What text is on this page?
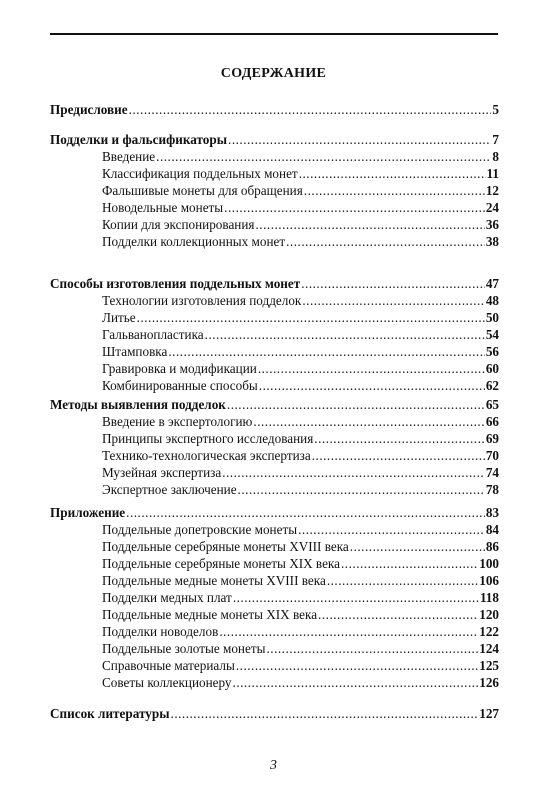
СОДЕРЖАНИЕ
Предисловие .....	5
Подделки и фальсификаторы .....	7
Введение .....	8
Классификация поддельных монет .....	11
Фальшивые монеты для обращения .....	12
Новодельные монеты .....	24
Копии для экспонирования .....	36
Подделки коллекционных монет .....	38
Способы изготовления поддельных монет .....	47
Технологии изготовления подделок .....	48
Литье .....	50
Гальванопластика .....	54
Штамповка .....	56
Гравировка и модификации .....	60
Комбинированные способы .....	62
Методы выявления подделок .....	65
Введение в экспертологию .....	66
Принципы экспертного исследования .....	69
Технико-технологическая экспертиза .....	70
Музейная экспертиза .....	74
Экспертное заключение .....	78
Приложение .....	83
Поддельные допетровские монеты .....	84
Поддельные серебряные монеты XVIII века .....	86
Поддельные серебряные монеты XIX века .....	100
Поддельные медные монеты XVIII века .....	106
Подделки медных плат .....	118
Поддельные медные монеты XIX века .....	120
Подделки новоделов .....	122
Поддельные золотые монеты .....	124
Справочные материалы .....	125
Советы коллекционеру .....	126
Список литературы .....	127
3
